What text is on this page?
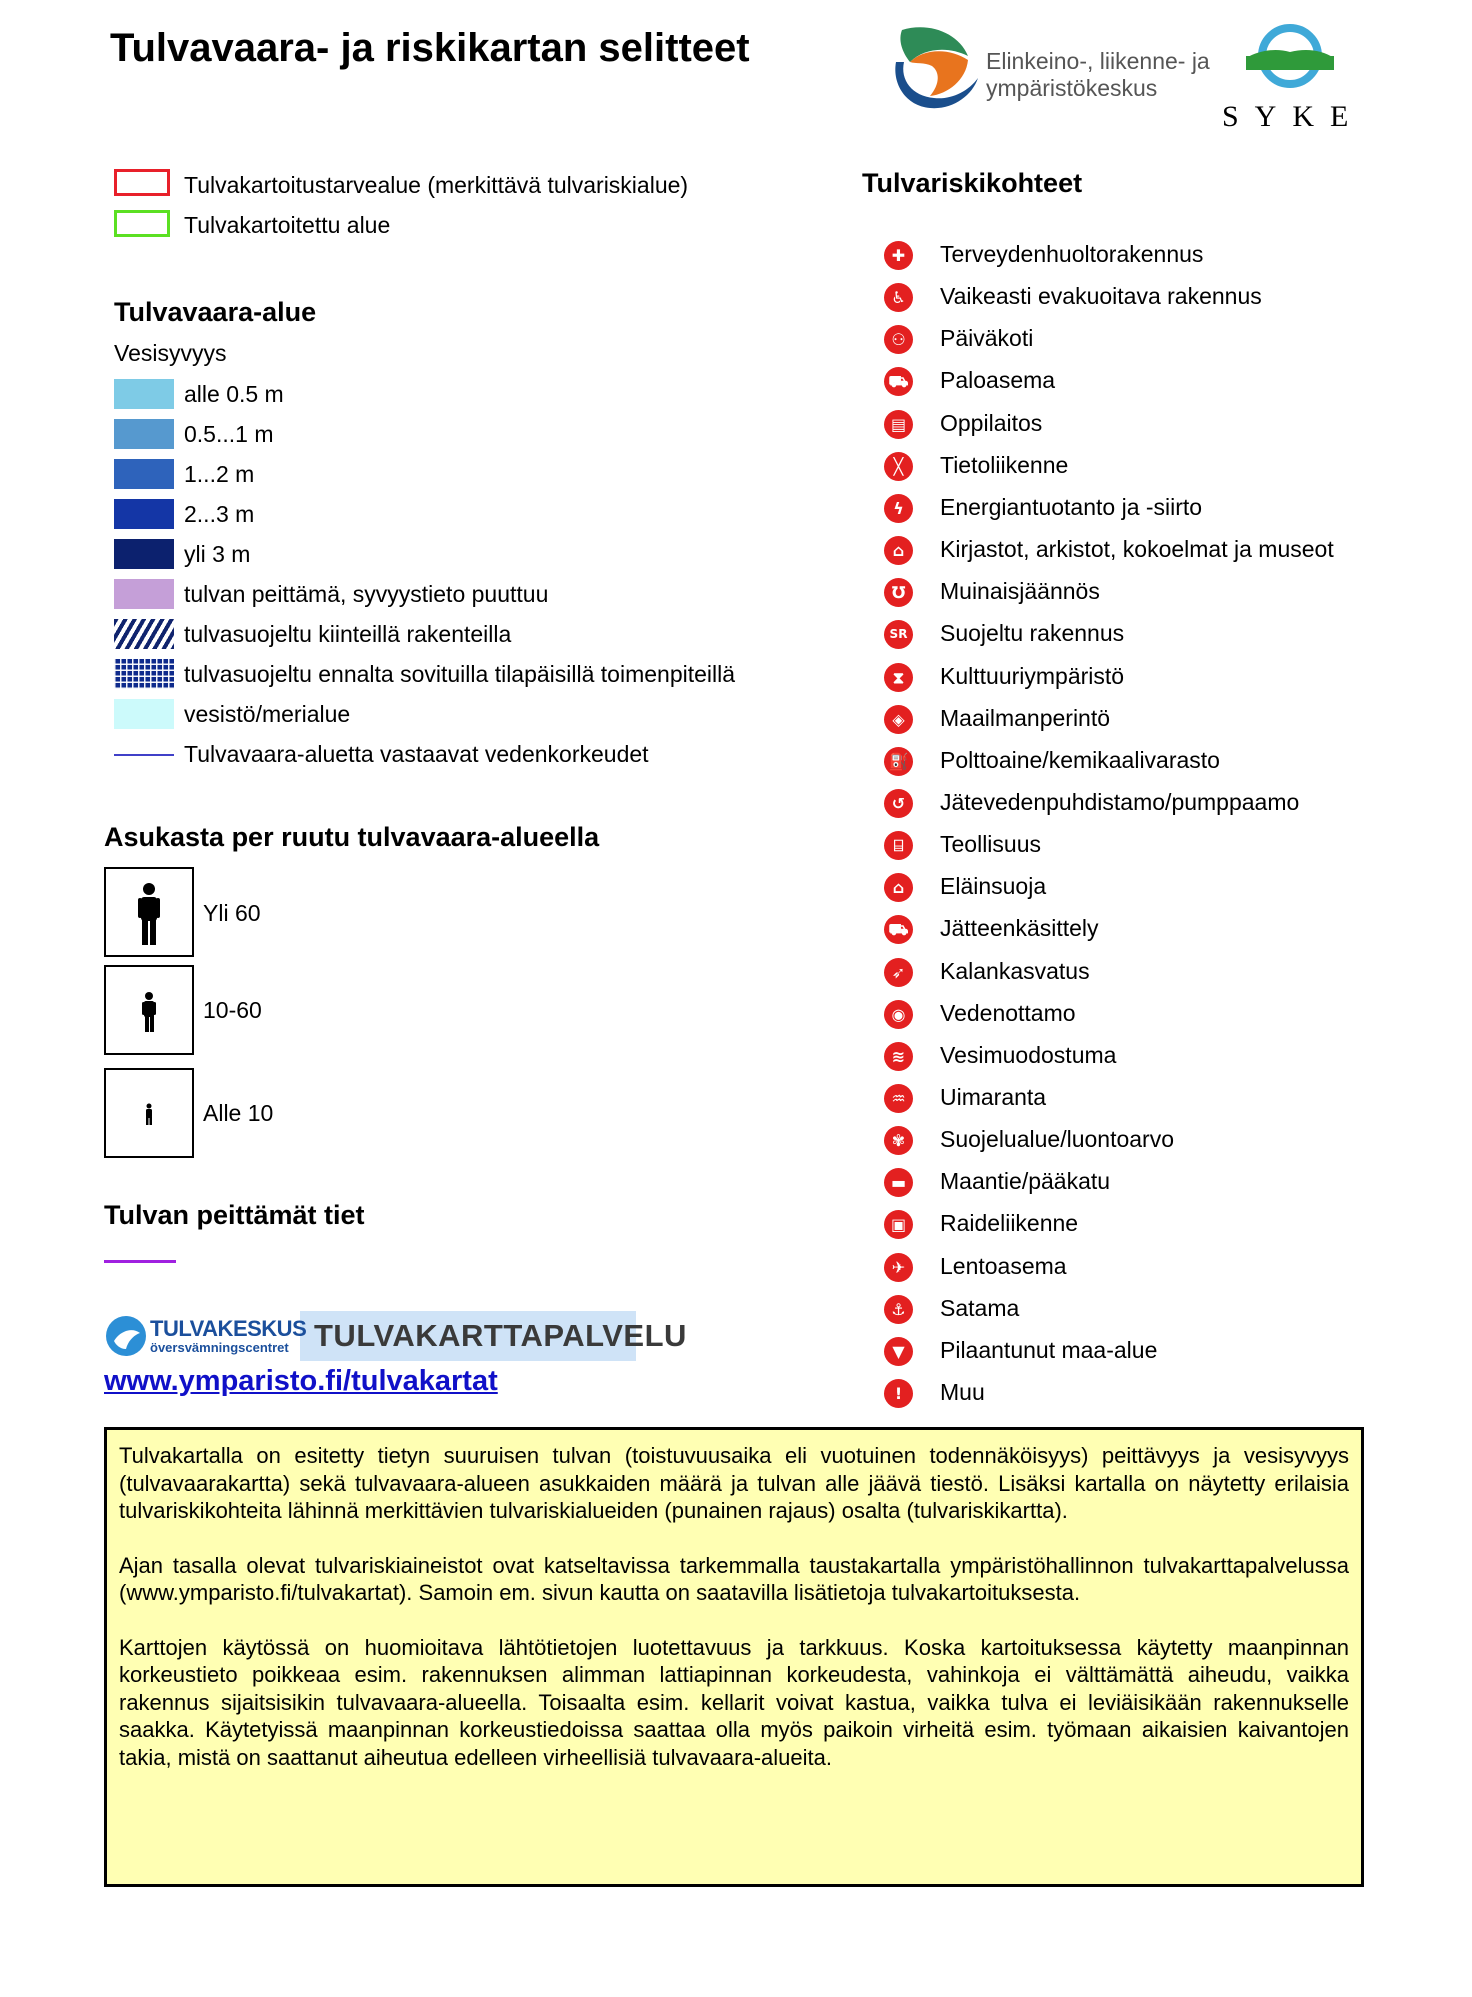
Tulvavaara- ja riskikartan selitteet	Elinkeino-, liikenne- ja
ympäristökeskus
SYKE
Tulvakartoitustarvealue (merkittävä tulvariskialue)
Tulvakartoitettu alue
Tulvavaara-alue
Vesisyvyys
alle 0.5 m
0.5...1 m
1...2 m
2...3 m
yli 3 m
tulvan peittämä, syvyystieto puuttuu
tulvasuojeltu kiinteillä rakenteilla
tulvasuojeltu ennalta sovituilla tilapäisillä toimenpiteillä
vesistö/merialue
Tulvavaara-aluetta vastaavat vedenkorkeudet
Asukasta per ruutu tulvavaara-alueella
Yli 60
10-60
Alle 10
Tulvan peittämät tiet
TULVAKESKUS
översvämningscentret TULVAKARTTAPALVELU
www.ymparisto.fi/tulvakartat
Tulvariskikohteet
✚	Terveydenhuoltorakennus
♿	Vaikeasti evakuoitava rakennus
⚇	Päiväkoti
⛟ Paloasema
▤	Oppilaitos
╳	Tietoliikenne
ϟ	Energiantuotanto ja -siirto
⌂	Kirjastot, arkistot, kokoelmat ja museot
℧	Muinaisjäännös
SR Suojeltu rakennus
⧗	Kulttuuriympäristö
◈	Maailmanperintö
⛽ Polttoaine/kemikaalivarasto
↺	Jätevedenpuhdistamo/pumppaamo
⌸	Teollisuus
⌂	Eläinsuoja
⛟ Jätteenkäsittely
➶	Kalankasvatus
◉	Vedenottamo
≋	Vesimuodostuma
♒	Uimaranta
✾	Suojelualue/luontoarvo
▬	Maantie/pääkatu
▣	Raideliikenne
✈	Lentoasema
⚓	Satama
▼	Pilaantunut maa-alue
!	Muu

Tulvakartalla on esitetty tietyn suuruisen tulvan (toistuvuusaika eli vuotuinen todennäköisyys) peittävyys ja vesisyvyys (tulvavaarakartta) sekä tulvavaara-alueen asukkaiden määrä ja tulvan alle jäävä tiestö. Lisäksi kartalla on näytetty erilaisia tulvariskikohteita lähinnä merkittävien tulvariskialueiden (punainen rajaus) osalta (tulvariskikartta).

Ajan tasalla olevat tulvariskiaineistot ovat katseltavissa tarkemmalla taustakartalla ympäristöhallinnon tulvakarttapalvelussa (www.ymparisto.fi/tulvakartat). Samoin em. sivun kautta on saatavilla lisätietoja tulvakartoituksesta.

Karttojen käytössä on huomioitava lähtötietojen luotettavuus ja tarkkuus. Koska kartoituksessa käytetty maanpinnan korkeustieto poikkeaa esim. rakennuksen alimman lattiapinnan korkeudesta, vahinkoja ei välttämättä aiheudu, vaikka rakennus sijaitsisikin tulvavaara-alueella. Toisaalta esim. kellarit voivat kastua, vaikka tulva ei leviäisikään rakennukselle saakka. Käytetyissä maanpinnan korkeustiedoissa saattaa olla myös paikoin virheitä esim. työmaan aikaisien kaivantojen takia, mistä on saattanut aiheutua edelleen virheellisiä tulvavaara-alueita.
